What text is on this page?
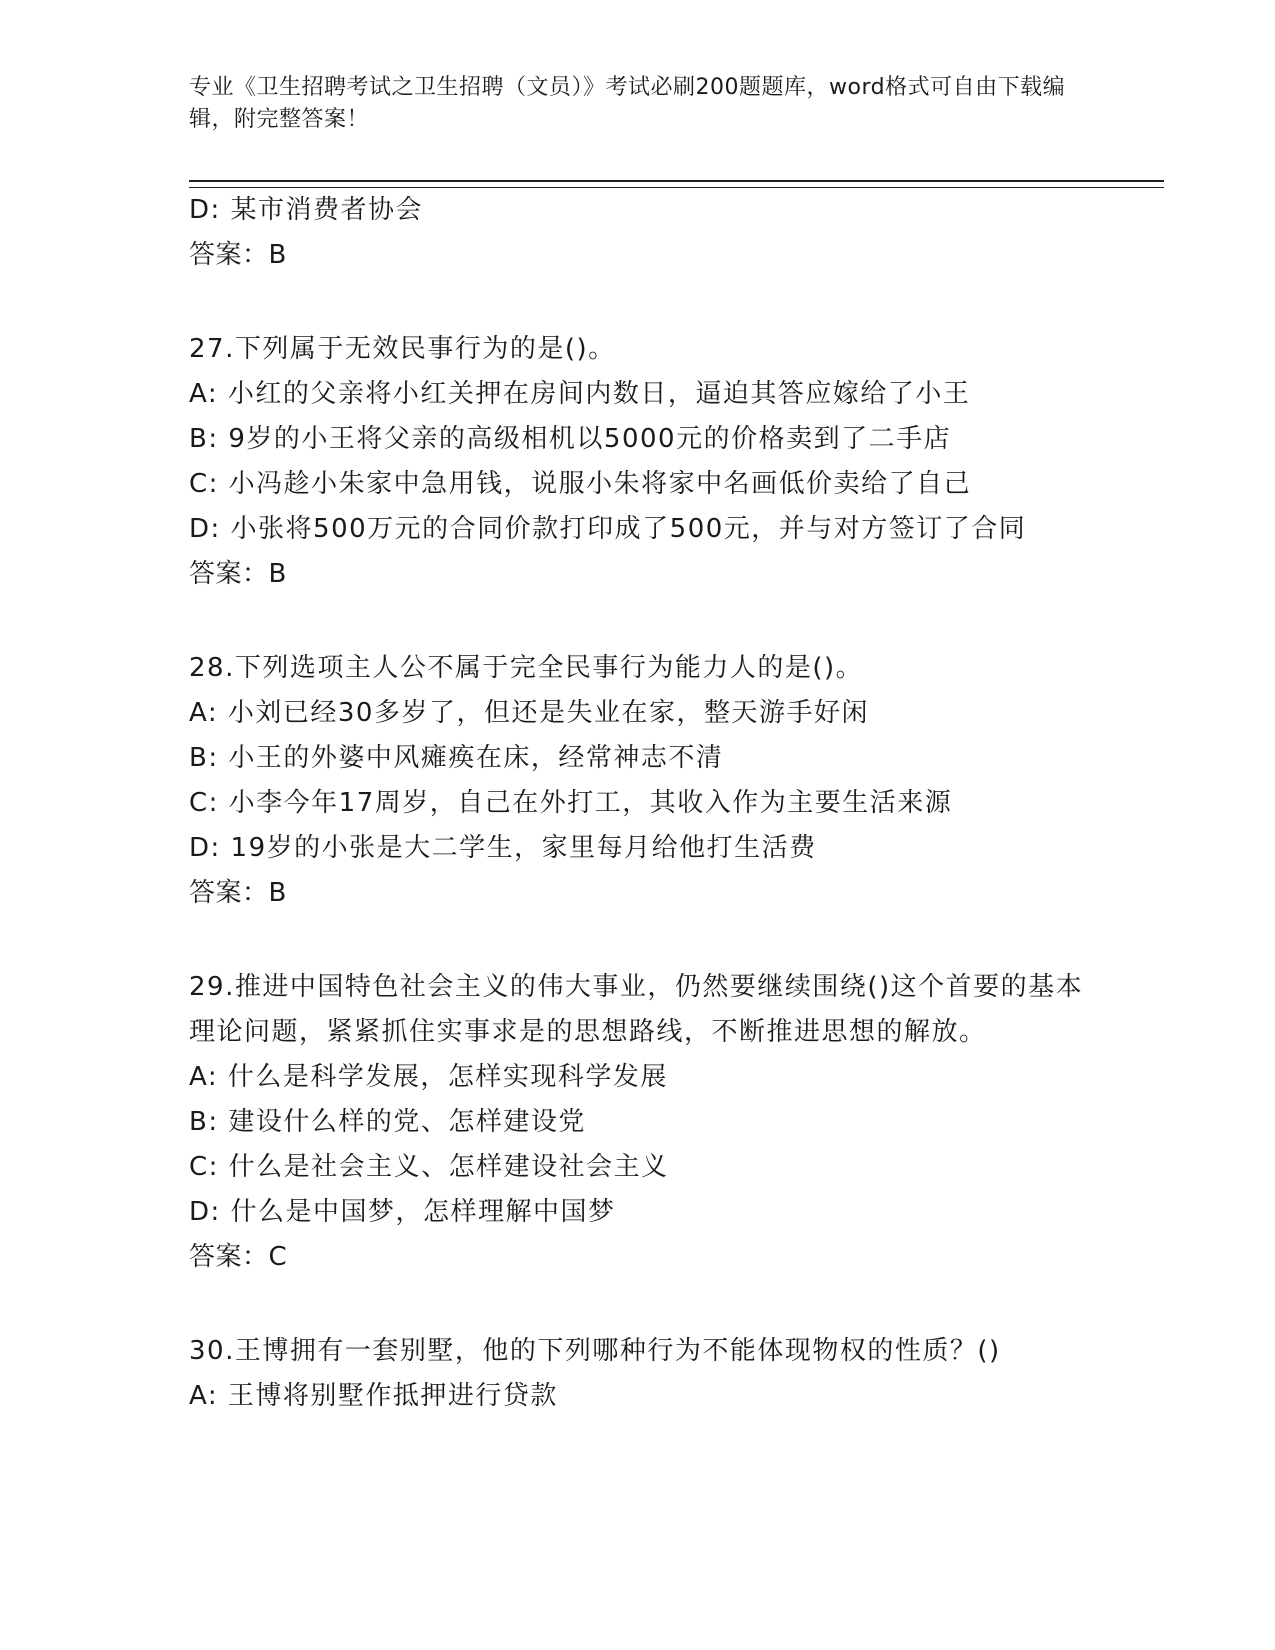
专业《卫生招聘考试之卫生招聘（文员）》考试必刷200题题库，word格式可自由下载编辑，附完整答案！
D: 某市消费者协会
答案：B
27.下列属于无效民事行为的是()。
A: 小红的父亲将小红关押在房间内数日，逼迫其答应嫁给了小王
B: 9岁的小王将父亲的高级相机以5000元的价格卖到了二手店
C: 小冯趁小朱家中急用钱，说服小朱将家中名画低价卖给了自己
D: 小张将500万元的合同价款打印成了500元，并与对方签订了合同
答案：B
28.下列选项主人公不属于完全民事行为能力人的是()。
A: 小刘已经30多岁了，但还是失业在家，整天游手好闲
B: 小王的外婆中风瘫痪在床，经常神志不清
C: 小李今年17周岁，自己在外打工，其收入作为主要生活来源
D: 19岁的小张是大二学生，家里每月给他打生活费
答案：B
29.推进中国特色社会主义的伟大事业，仍然要继续围绕()这个首要的基本理论问题，紧紧抓住实事求是的思想路线，不断推进思想的解放。
A: 什么是科学发展，怎样实现科学发展
B: 建设什么样的党、怎样建设党
C: 什么是社会主义、怎样建设社会主义
D: 什么是中国梦，怎样理解中国梦
答案：C
30.王博拥有一套别墅，他的下列哪种行为不能体现物权的性质？()
A: 王博将别墅作抵押进行贷款
